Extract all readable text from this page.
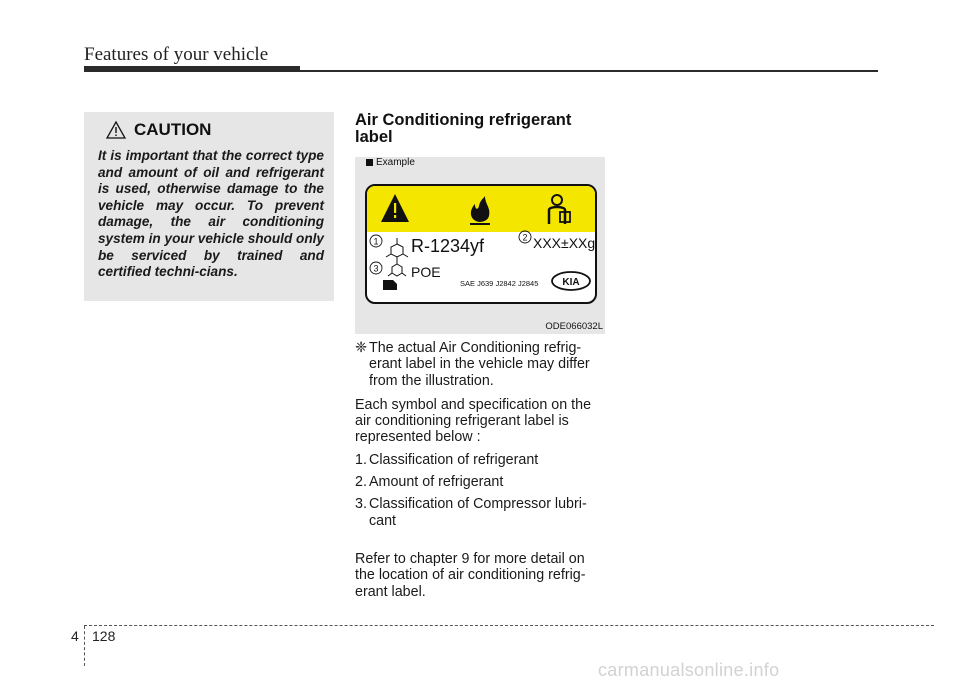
Features of your vehicle
CAUTION
It is important that the correct type and amount of oil and refrigerant is used, otherwise damage to the vehicle may occur. To prevent damage, the air conditioning system in your vehicle should only be serviced by trained and certified techni-cians.
Air Conditioning refrigerant label
Example
1 R-1234yf	2 XXX±XXg
3 POE
SAE J639 J2842 J2845 KIA
ODE066032L
❈ The actual Air Conditioning refrig-erant label in the vehicle may differ from the illustration.
Each symbol and specification on the air conditioning refrigerant label is represented below :
1. Classification of refrigerant
2. Amount of refrigerant
3. Classification of Compressor lubri-cant
Refer to chapter 9 for more detail on the location of air conditioning refrig-erant label.
4 128
carmanualsonline.info
